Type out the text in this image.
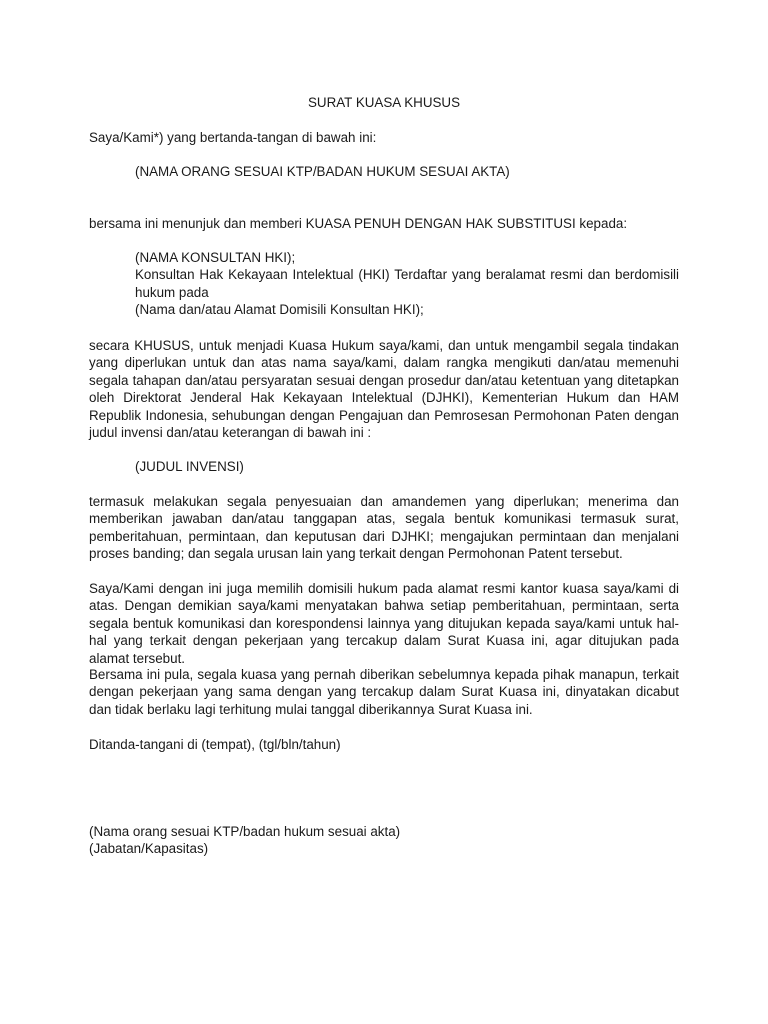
SURAT KUASA KHUSUS

Saya/Kami*) yang bertanda-tangan di bawah ini:

(NAMA ORANG SESUAI KTP/BADAN HUKUM SESUAI AKTA)

bersama ini menunjuk dan memberi KUASA PENUH DENGAN HAK SUBSTITUSI kepada:

(NAMA KONSULTAN HKI);
Konsultan Hak Kekayaan Intelektual (HKI) Terdaftar yang beralamat resmi dan berdomisili hukum pada
(Nama dan/atau Alamat Domisili Konsultan HKI);

secara KHUSUS, untuk menjadi Kuasa Hukum saya/kami, dan untuk mengambil segala tindakan yang diperlukan untuk dan atas nama saya/kami, dalam rangka mengikuti dan/atau memenuhi segala tahapan dan/atau persyaratan sesuai dengan prosedur dan/atau ketentuan yang ditetapkan oleh Direktorat Jenderal Hak Kekayaan Intelektual (DJHKI), Kementerian Hukum dan HAM Republik Indonesia, sehubungan dengan Pengajuan dan Pemrosesan Permohonan Paten dengan judul invensi dan/atau keterangan di bawah ini :

(JUDUL INVENSI)

termasuk melakukan segala penyesuaian dan amandemen yang diperlukan; menerima dan memberikan jawaban dan/atau tanggapan atas, segala bentuk komunikasi termasuk surat, pemberitahuan, permintaan, dan keputusan dari DJHKI; mengajukan permintaan dan menjalani proses banding; dan segala urusan lain yang terkait dengan Permohonan Patent tersebut.

Saya/Kami dengan ini juga memilih domisili hukum pada alamat resmi kantor kuasa saya/kami di atas. Dengan demikian saya/kami menyatakan bahwa setiap pemberitahuan, permintaan, serta segala bentuk komunikasi dan korespondensi lainnya yang ditujukan kepada saya/kami untuk hal-hal yang terkait dengan pekerjaan yang tercakup dalam Surat Kuasa ini, agar ditujukan pada alamat tersebut.

Bersama ini pula, segala kuasa yang pernah diberikan sebelumnya kepada pihak manapun, terkait dengan pekerjaan yang sama dengan yang tercakup dalam Surat Kuasa ini, dinyatakan dicabut dan tidak berlaku lagi terhitung mulai tanggal diberikannya Surat Kuasa ini.

Ditanda-tangani di (tempat), (tgl/bln/tahun)

(Nama orang sesuai KTP/badan hukum sesuai akta)
(Jabatan/Kapasitas)
